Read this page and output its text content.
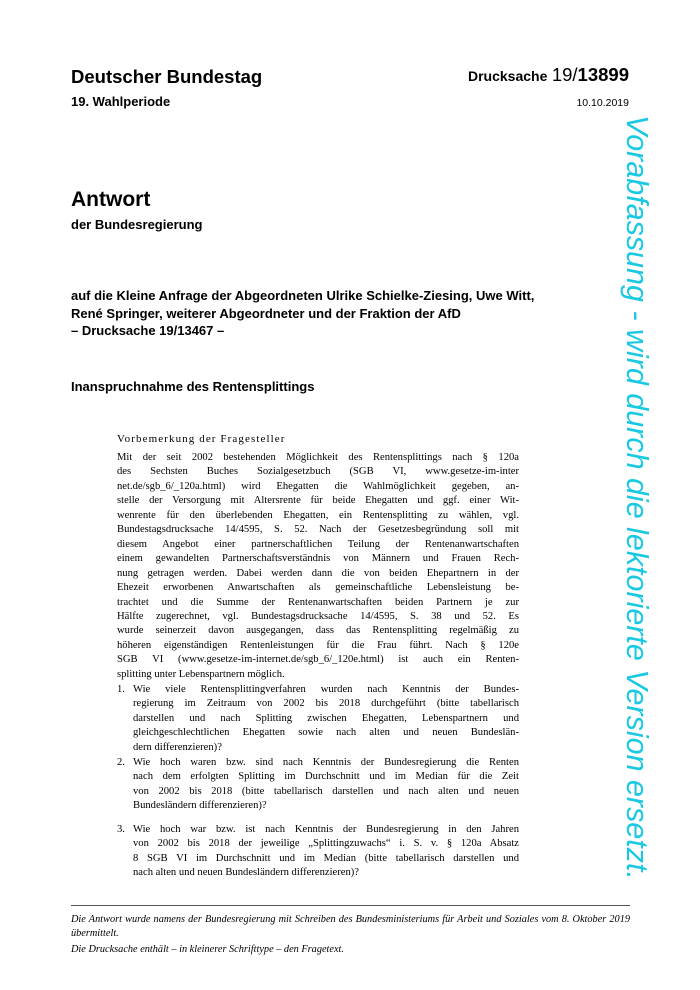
Deutscher Bundestag
19. Wahlperiode
Drucksache 19/13899
10.10.2019
Antwort
der Bundesregierung
auf die Kleine Anfrage der Abgeordneten Ulrike Schielke-Ziesing, Uwe Witt,
René Springer, weiterer Abgeordneter und der Fraktion der AfD
– Drucksache 19/13467 –
Inanspruchnahme des Rentensplittings
Vorbemerkung der Fragesteller
Mit der seit 2002 bestehenden Möglichkeit des Rentensplittings nach § 120a
des Sechsten Buches Sozialgesetzbuch (SGB VI, www.gesetze-im-inter
net.de/sgb_6/_120a.html) wird Ehegatten die Wahlmöglichkeit gegeben, an-
stelle der Versorgung mit Altersrente für beide Ehegatten und ggf. einer Wit-
wenrente für den überlebenden Ehegatten, ein Rentensplitting zu wählen, vgl.
Bundestagsdrucksache 14/4595, S. 52. Nach der Gesetzesbegründung soll mit
diesem Angebot einer partnerschaftlichen Teilung der Rentenanwartschaften
einem gewandelten Partnerschaftsverständnis von Männern und Frauen Rech-
nung getragen werden. Dabei werden dann die von beiden Ehepartnern in der
Ehezeit erworbenen Anwartschaften als gemeinschaftliche Lebensleistung be-
trachtet und die Summe der Rentenanwartschaften beiden Partnern je zur
Hälfte zugerechnet, vgl. Bundestagsdrucksache 14/4595, S. 38 und 52. Es
wurde seinerzeit davon ausgegangen, dass das Rentensplitting regelmäßig zu
höheren eigenständigen Rentenleistungen für die Frau führt. Nach § 120e
SGB VI (www.gesetze-im-internet.de/sgb_6/_120e.html) ist auch ein Renten-
splitting unter Lebenspartnern möglich.
1. Wie viele Rentensplittingverfahren wurden nach Kenntnis der Bundes-
regierung im Zeitraum von 2002 bis 2018 durchgeführt (bitte tabellarisch
darstellen und nach Splitting zwischen Ehegatten, Lebenspartnern und
gleichgeschlechtlichen Ehegatten sowie nach alten und neuen Bundeslän-
dern differenzieren)?
2. Wie hoch waren bzw. sind nach Kenntnis der Bundesregierung die Renten
nach dem erfolgten Splitting im Durchschnitt und im Median für die Zeit
von 2002 bis 2018 (bitte tabellarisch darstellen und nach alten und neuen
Bundesländern differenzieren)?
3. Wie hoch war bzw. ist nach Kenntnis der Bundesregierung in den Jahren
von 2002 bis 2018 der jeweilige „Splittingzuwachs“ i. S. v. § 120a Absatz
8 SGB VI im Durchschnitt und im Median (bitte tabellarisch darstellen und
nach alten und neuen Bundesländern differenzieren)?
Die Antwort wurde namens der Bundesregierung mit Schreiben des Bundesministeriums für Arbeit und Soziales vom 8. Oktober 2019 übermittelt.
Die Drucksache enthält – in kleinerer Schrifttype – den Fragetext.
Vorabfassung - wird durch die lektorierte Version ersetzt.
